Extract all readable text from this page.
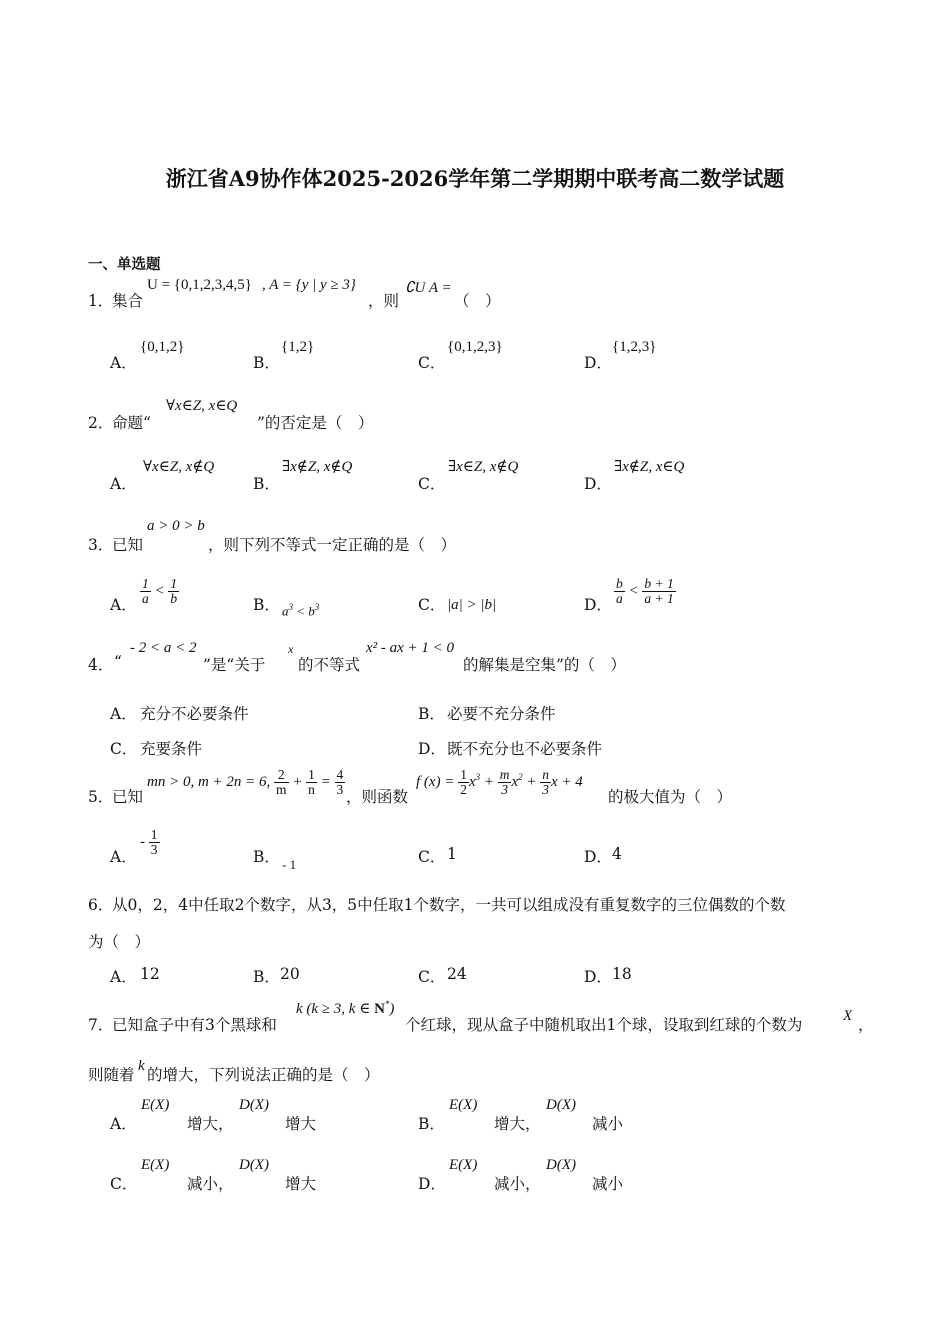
浙江省A9协作体2025-2026学年第二学期期中联考高二数学试题
一、单选题
1．
集合
U = {0,1,2,3,4,5} , A = {y | y ≥ 3}
，则
∁U A =
（　）
A．
{0,1,2}
B．
{1,2}
C．
{0,1,2,3}
D．
{1,2,3}
2．
命题“
∀x∈Z, x∈Q
”的否定是（　）
A．
∀x∈Z, x∉Q
B．
∃x∉Z, x∉Q
C．
∃x∈Z, x∉Q
D．
∃x∉Z, x∈Q
3．
已知
a > 0 > b
，则下列不等式一定正确的是（　）
A． $\frac{1}{a} < \frac{1}{b}$	B． $a^3 < b^3$	C． |a| > |b|	D． $\frac{b}{a} < \frac{b + 1}{a + 1}$
4． “
- 2 < a < 2
”是“关于
x
的不等式
x² - ax + 1 < 0
的解集是空集”的（　）
A． 充分不必要条件	B． 必要不充分条件
C． 充要条件	D． 既不充分也不必要条件
5．
已知
mn > 0, m + 2n = 6, $\frac{2}{m} + \frac{1}{n} = \frac{4}{3}$ ，则函数
f $(x) = \frac{1}{2} x^3 + \frac{m}{3} x^2 + \frac{n}{3}$ x + 4
的极大值为（　）
A．
- $\frac{1}{3}$	B． - 1	C． 1	D． 4
6．
从0，2，4中任取2个数字，从3，5中任取1个数字，一共可以组成没有重复数字的三位偶数的个数
为（　）
A． 12	B． 20	C． 24	D． 18
7．
已知盒子中有3个黑球和
k (k ≥ 3, k ∈ N*)
个红球，现从盒子中随机取出1个球，设取到红球的个数为	X ，
则随着 k 的增大，下列说法正确的是（　）
A．
E(X)
增大，
D(X)
增大	B．
E(X)
增大，
D(X)
减小
C．
E(X)
减小，
D(X)
增大	D．
E(X)
减小，
D(X)
减小
